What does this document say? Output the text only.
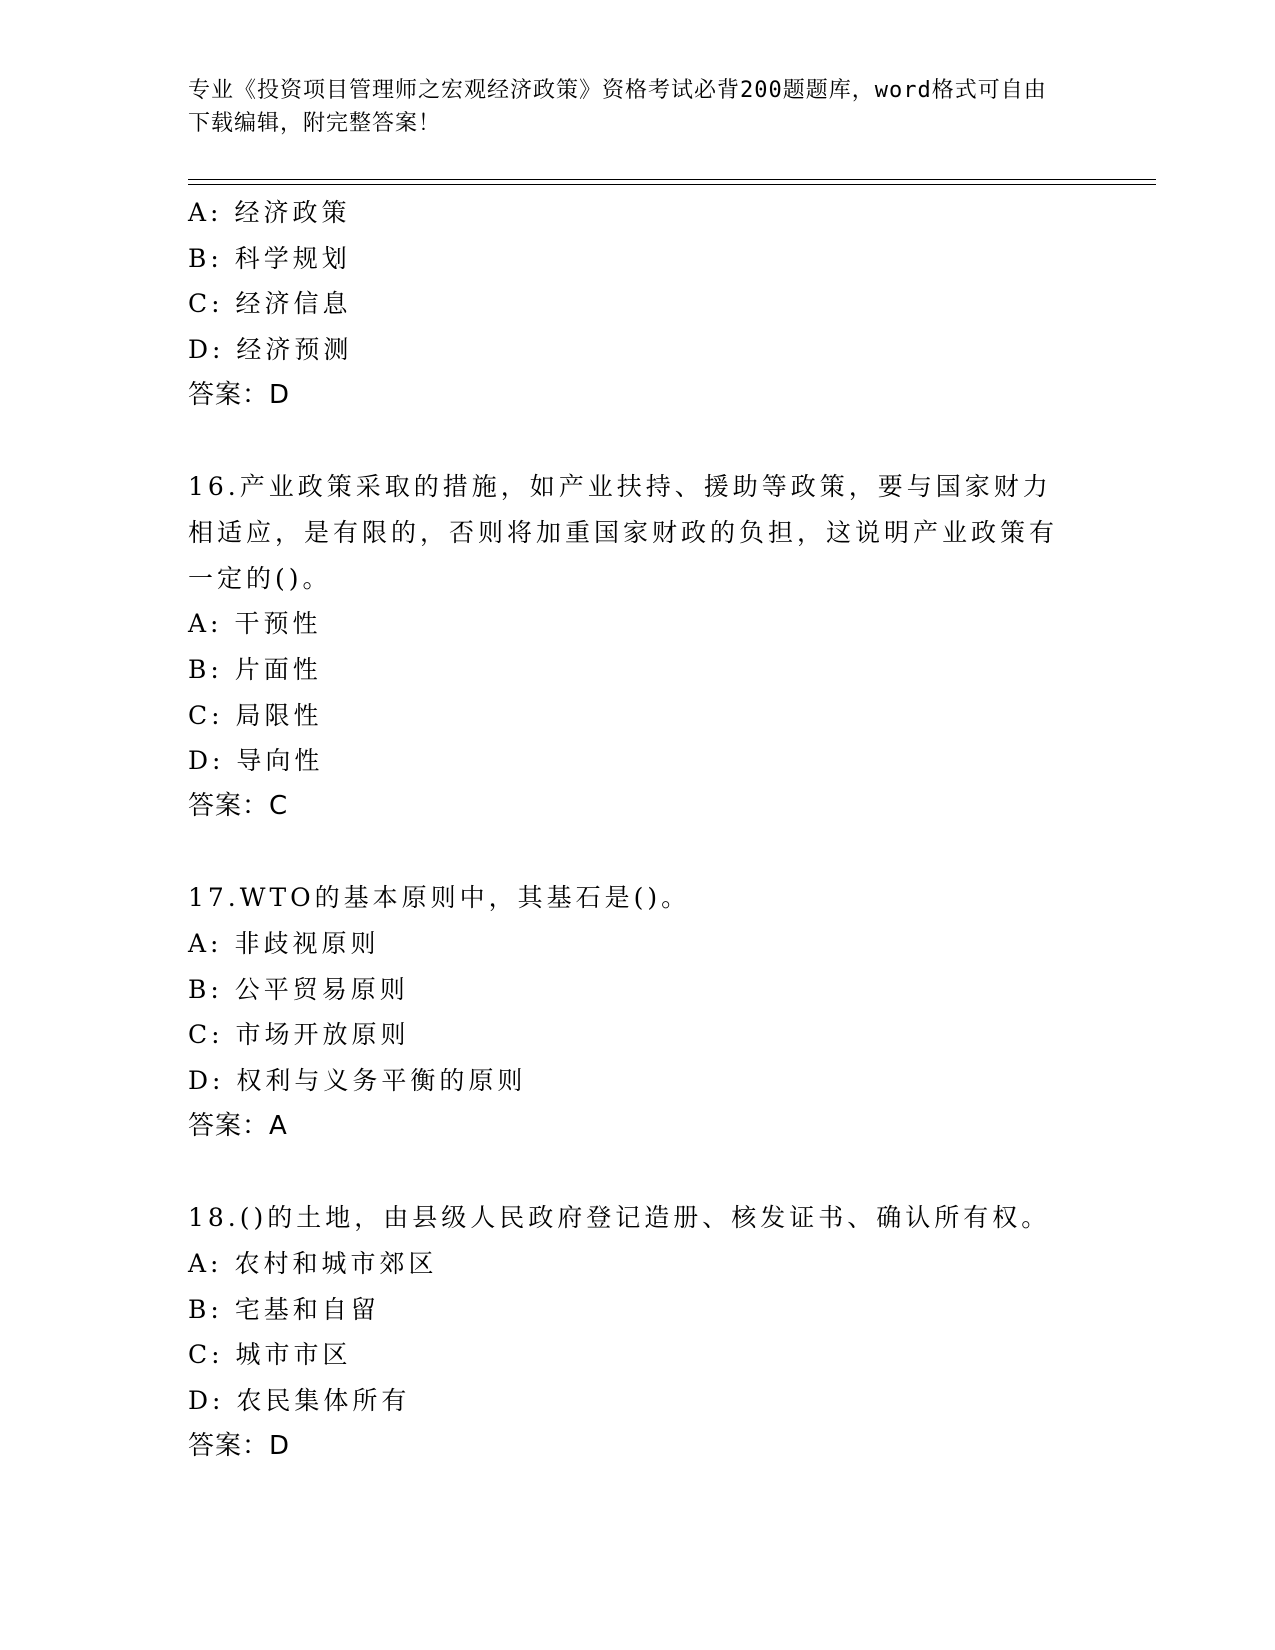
专业《投资项目管理师之宏观经济政策》资格考试必背200题题库，word格式可自由下载编辑，附完整答案！
A: 经济政策
B: 科学规划
C: 经济信息
D: 经济预测
答案：D
16.产业政策采取的措施，如产业扶持、援助等政策，要与国家财力相适应，是有限的，否则将加重国家财政的负担，这说明产业政策有一定的()。
A: 干预性
B: 片面性
C: 局限性
D: 导向性
答案：C
17.WTO的基本原则中，其基石是()。
A: 非歧视原则
B: 公平贸易原则
C: 市场开放原则
D: 权利与义务平衡的原则
答案：A
18.()的土地，由县级人民政府登记造册、核发证书、确认所有权。
A: 农村和城市郊区
B: 宅基和自留
C: 城市市区
D: 农民集体所有
答案：D
